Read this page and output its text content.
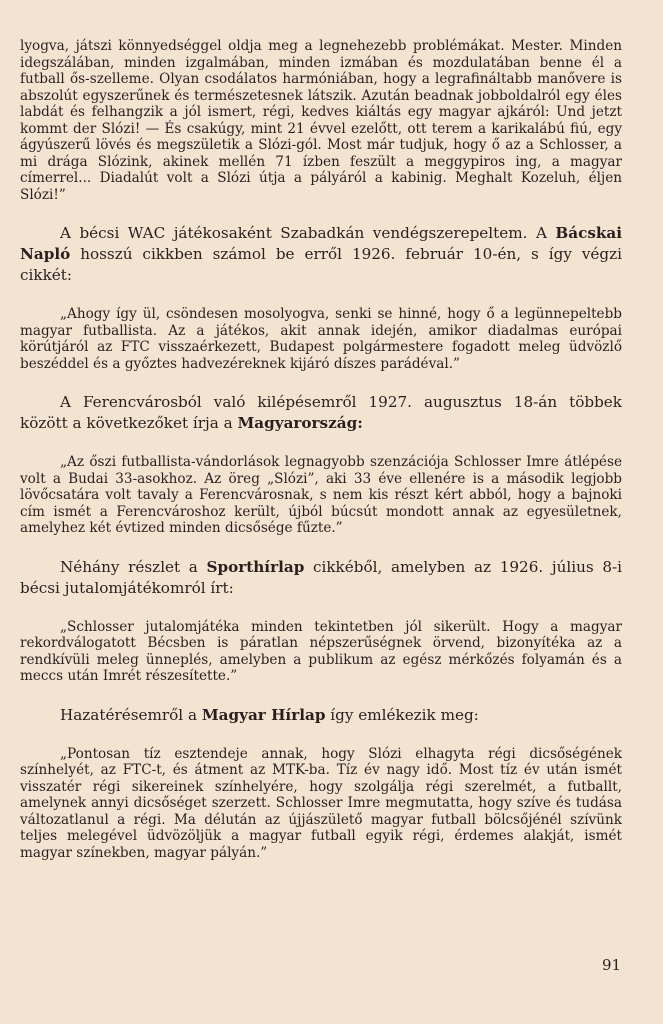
lyogva, játszi könnyedséggel oldja meg a legnehezebb problémákat. Mester. Minden idegszálában, minden izgalmában, minden izmában és mozdulatában benne él a futball ős-szelleme. Olyan csodálatos harmóniában, hogy a legrafináltabb manővere is abszolút egyszerűnek és természetesnek látszik. Azután beadnak jobboldalról egy éles labdát és felhangzik a jól ismert, régi, kedves kiáltás egy magyar ajkáról: Und jetzt kommt der Slózi! — És csakúgy, mint 21 évvel ezelőtt, ott terem a karikalábú fiú, egy ágyúszerű lövés és megszületik a Slózi-gól. Most már tudjuk, hogy ő az a Schlosser, a mi drága Slózink, akinek mellén 71 ízben feszült a meggypiros ing, a magyar címerrel... Diadalút volt a Slózi útja a pályáról a kabinig. Meghalt Kozeluh, éljen Slózi!”

A bécsi WAC játékosaként Szabadkán vendégszerepeltem. A Bácskai Napló hosszú cikkben számol be erről 1926. február 10-én, s így végzi cikkét:

„Ahogy így ül, csöndesen mosolyogva, senki se hinné, hogy ő a legünnepeltebb magyar futballista. Az a játékos, akit annak idején, amikor diadalmas európai körútjáról az FTC visszaérkezett, Budapest polgármestere fogadott meleg üdvözlő beszéddel és a győztes hadvezéreknek kijáró díszes parádéval.”

A Ferencvárosból való kilépésemről 1927. augusztus 18-án többek között a következőket írja a Magyarország:

„Az őszi futballista-vándorlások legnagyobb szenzációja Schlosser Imre átlépése volt a Budai 33-asokhoz. Az öreg „Slózi”, aki 33 éve ellenére is a második legjobb lövőcsatára volt tavaly a Ferencvárosnak, s nem kis részt kért abból, hogy a bajnoki cím ismét a Ferencvároshoz került, újból búcsút mondott annak az egyesületnek, amelyhez két évtized minden dicsősége fűzte.”

Néhány részlet a Sporthírlap cikkéből, amelyben az 1926. július 8-i bécsi jutalomjátékomról írt:

„Schlosser jutalomjátéka minden tekintetben jól sikerült. Hogy a magyar rekordválogatott Bécsben is páratlan népszerűségnek örvend, bizonyítéka az a rendkívüli meleg ünneplés, amelyben a publikum az egész mérkőzés folyamán és a meccs után Imrét részesítette.”

Hazatérésemről a Magyar Hírlap így emlékezik meg:

„Pontosan tíz esztendeje annak, hogy Slózi elhagyta régi dicsőségének színhelyét, az FTC-t, és átment az MTK-ba. Tíz év nagy idő. Most tíz év után ismét visszatér régi sikereinek színhelyére, hogy szolgálja régi szerelmét, a futballt, amelynek annyi dicsőséget szerzett. Schlosser Imre megmutatta, hogy szíve és tudása változatlanul a régi. Ma délután az újjászülető magyar futball bölcsőjénél szívünk teljes melegével üdvözöljük a magyar futball egyik régi, érdemes alakját, ismét magyar színekben, magyar pályán.”

91
